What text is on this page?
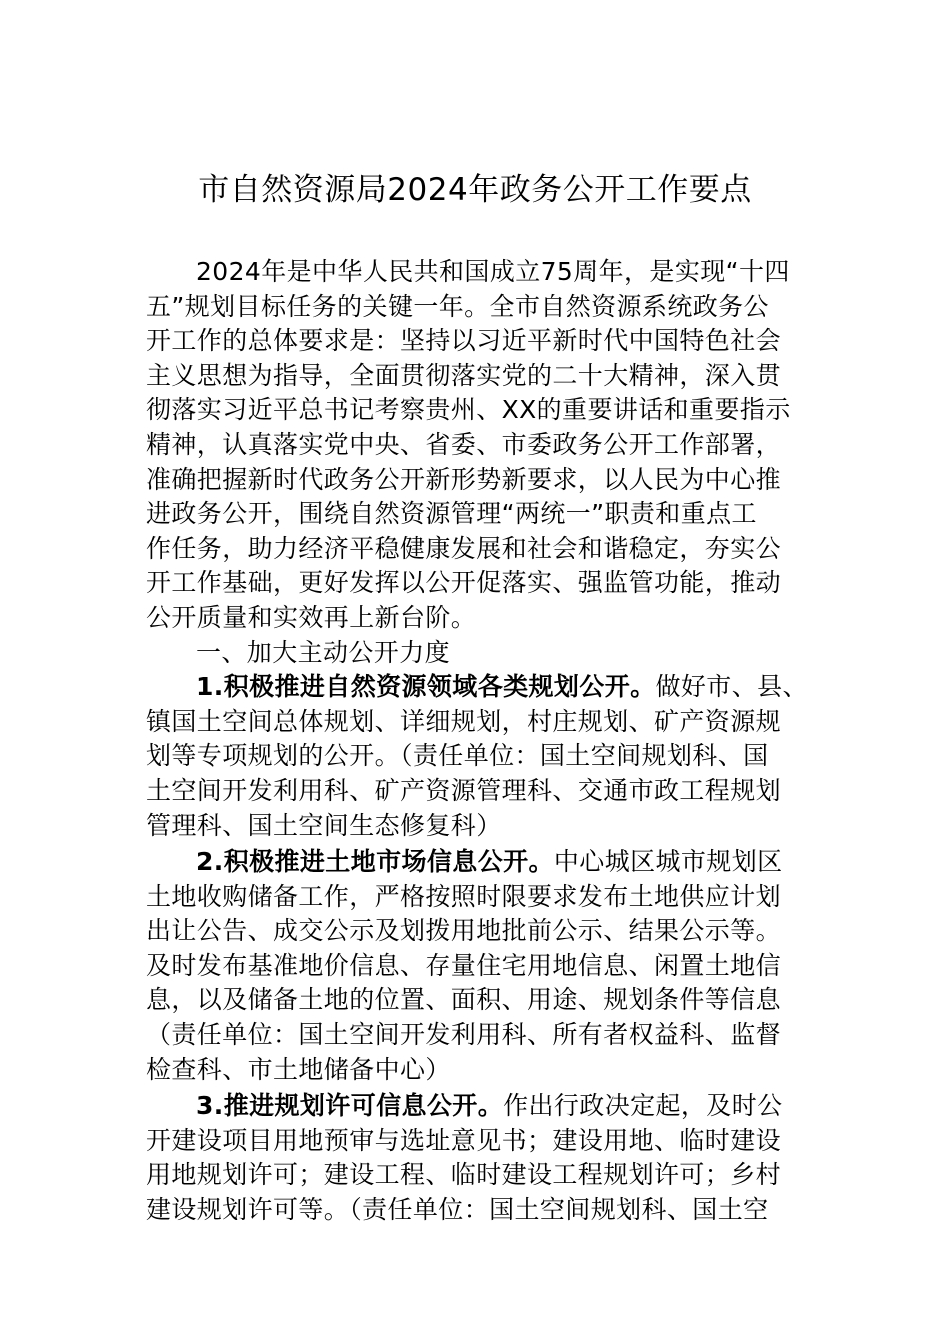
市自然资源局2024年政务公开工作要点
2024年是中华人民共和国成立75周年，是实现“十四
五”规划目标任务的关键一年。全市自然资源系统政务公
开工作的总体要求是：坚持以习近平新时代中国特色社会
主义思想为指导，全面贯彻落实党的二十大精神，深入贯
彻落实习近平总书记考察贵州、XX的重要讲话和重要指示
精神，认真落实党中央、省委、市委政务公开工作部署，
准确把握新时代政务公开新形势新要求，以人民为中心推
进政务公开，围绕自然资源管理“两统一”职责和重点工
作任务，助力经济平稳健康发展和社会和谐稳定，夯实公
开工作基础，更好发挥以公开促落实、强监管功能，推动
公开质量和实效再上新台阶。
一、加大主动公开力度
1.积极推进自然资源领域各类规划公开。做好市、县、
镇国土空间总体规划、详细规划，村庄规划、矿产资源规
划等专项规划的公开。（责任单位：国土空间规划科、国
土空间开发利用科、矿产资源管理科、交通市政工程规划
管理科、国土空间生态修复科）
2.积极推进土地市场信息公开。中心城区城市规划区
土地收购储备工作，严格按照时限要求发布土地供应计划
出让公告、成交公示及划拨用地批前公示、结果公示等。
及时发布基准地价信息、存量住宅用地信息、闲置土地信
息，以及储备土地的位置、面积、用途、规划条件等信息
（责任单位：国土空间开发利用科、所有者权益科、监督
检查科、市土地储备中心）
3.推进规划许可信息公开。作出行政决定起，及时公
开建设项目用地预审与选址意见书；建设用地、临时建设
用地规划许可；建设工程、临时建设工程规划许可；乡村
建设规划许可等。（责任单位：国土空间规划科、国土空
